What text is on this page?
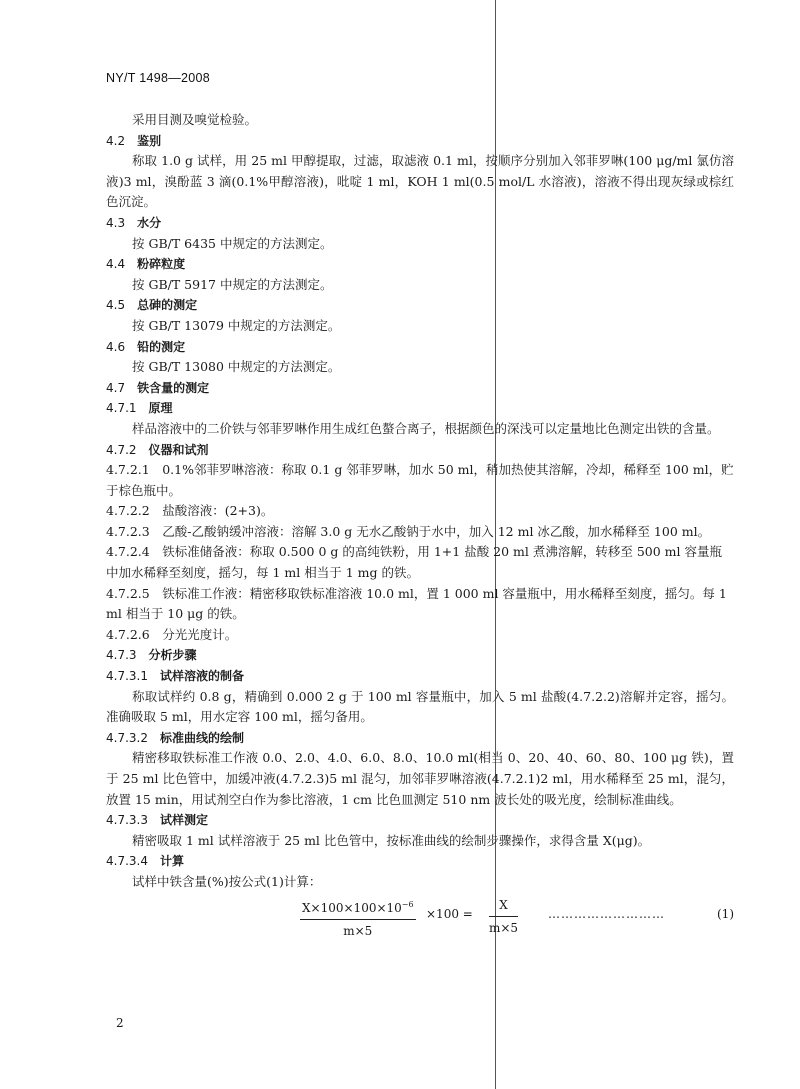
NY/T 1498—2008

采用目测及嗅觉检验。

4.2 鉴别

称取 1.0 g 试样，用 25 ml 甲醇提取，过滤，取滤液 0.1 ml，按顺序分别加入邻菲罗啉(100 μg/ml 氯仿溶液)3 ml，溴酚蓝 3 滴(0.1%甲醇溶液)，吡啶 1 ml，KOH 1 ml(0.5 mol/L 水溶液)，溶液不得出现灰绿或棕红色沉淀。

4.3 水分

按 GB/T 6435 中规定的方法测定。

4.4 粉碎粒度

按 GB/T 5917 中规定的方法测定。

4.5 总砷的测定

按 GB/T 13079 中规定的方法测定。

4.6 铅的测定

按 GB/T 13080 中规定的方法测定。

4.7 铁含量的测定

4.7.1 原理

样品溶液中的二价铁与邻菲罗啉作用生成红色螯合离子，根据颜色的深浅可以定量地比色测定出铁的含量。

4.7.2 仪器和试剂

4.7.2.1　0.1%邻菲罗啉溶液：称取 0.1 g 邻菲罗啉，加水 50 ml，稍加热使其溶解，冷却，稀释至 100 ml，贮于棕色瓶中。

4.7.2.2　盐酸溶液：(2+3)。

4.7.2.3　乙酸-乙酸钠缓冲溶液：溶解 3.0 g 无水乙酸钠于水中，加入 12 ml 冰乙酸，加水稀释至 100 ml。

4.7.2.4　铁标准储备液：称取 0.500 0 g 的高纯铁粉，用 1+1 盐酸 20 ml 煮沸溶解，转移至 500 ml 容量瓶中加水稀释至刻度，摇匀，每 1 ml 相当于 1 mg 的铁。

4.7.2.5　铁标准工作液：精密移取铁标准溶液 10.0 ml，置 1 000 ml 容量瓶中，用水稀释至刻度，摇匀。每 1 ml 相当于 10 μg 的铁。

4.7.2.6　分光光度计。

4.7.3 分析步骤

4.7.3.1 试样溶液的制备

称取试样约 0.8 g，精确到 0.000 2 g 于 100 ml 容量瓶中，加入 5 ml 盐酸(4.7.2.2)溶解并定容，摇匀。准确吸取 5 ml，用水定容 100 ml，摇匀备用。

4.7.3.2 标准曲线的绘制

精密移取铁标准工作液 0.0、2.0、4.0、6.0、8.0、10.0 ml(相当 0、20、40、60、80、100 μg 铁)，置于 25 ml 比色管中，加缓冲液(4.7.2.3)5 ml 混匀，加邻菲罗啉溶液(4.7.2.1)2 ml，用水稀释至 25 ml，混匀，放置 15 min，用试剂空白作为参比溶液，1 cm 比色皿测定 510 nm 波长处的吸光度，绘制标准曲线。

4.7.3.3 试样测定

精密吸取 1 ml 试样溶液于 25 ml 比色管中，按标准曲线的绘制步骤操作，求得含量 X(μg)。

4.7.3.4 计算

试样中铁含量(%)按公式(1)计算：

$\frac{X\times 100\times 100\times 10^{-6}}{m\times 5} \times 100 = \frac{X}{m\times 5}$ ………………………	(1)
2
